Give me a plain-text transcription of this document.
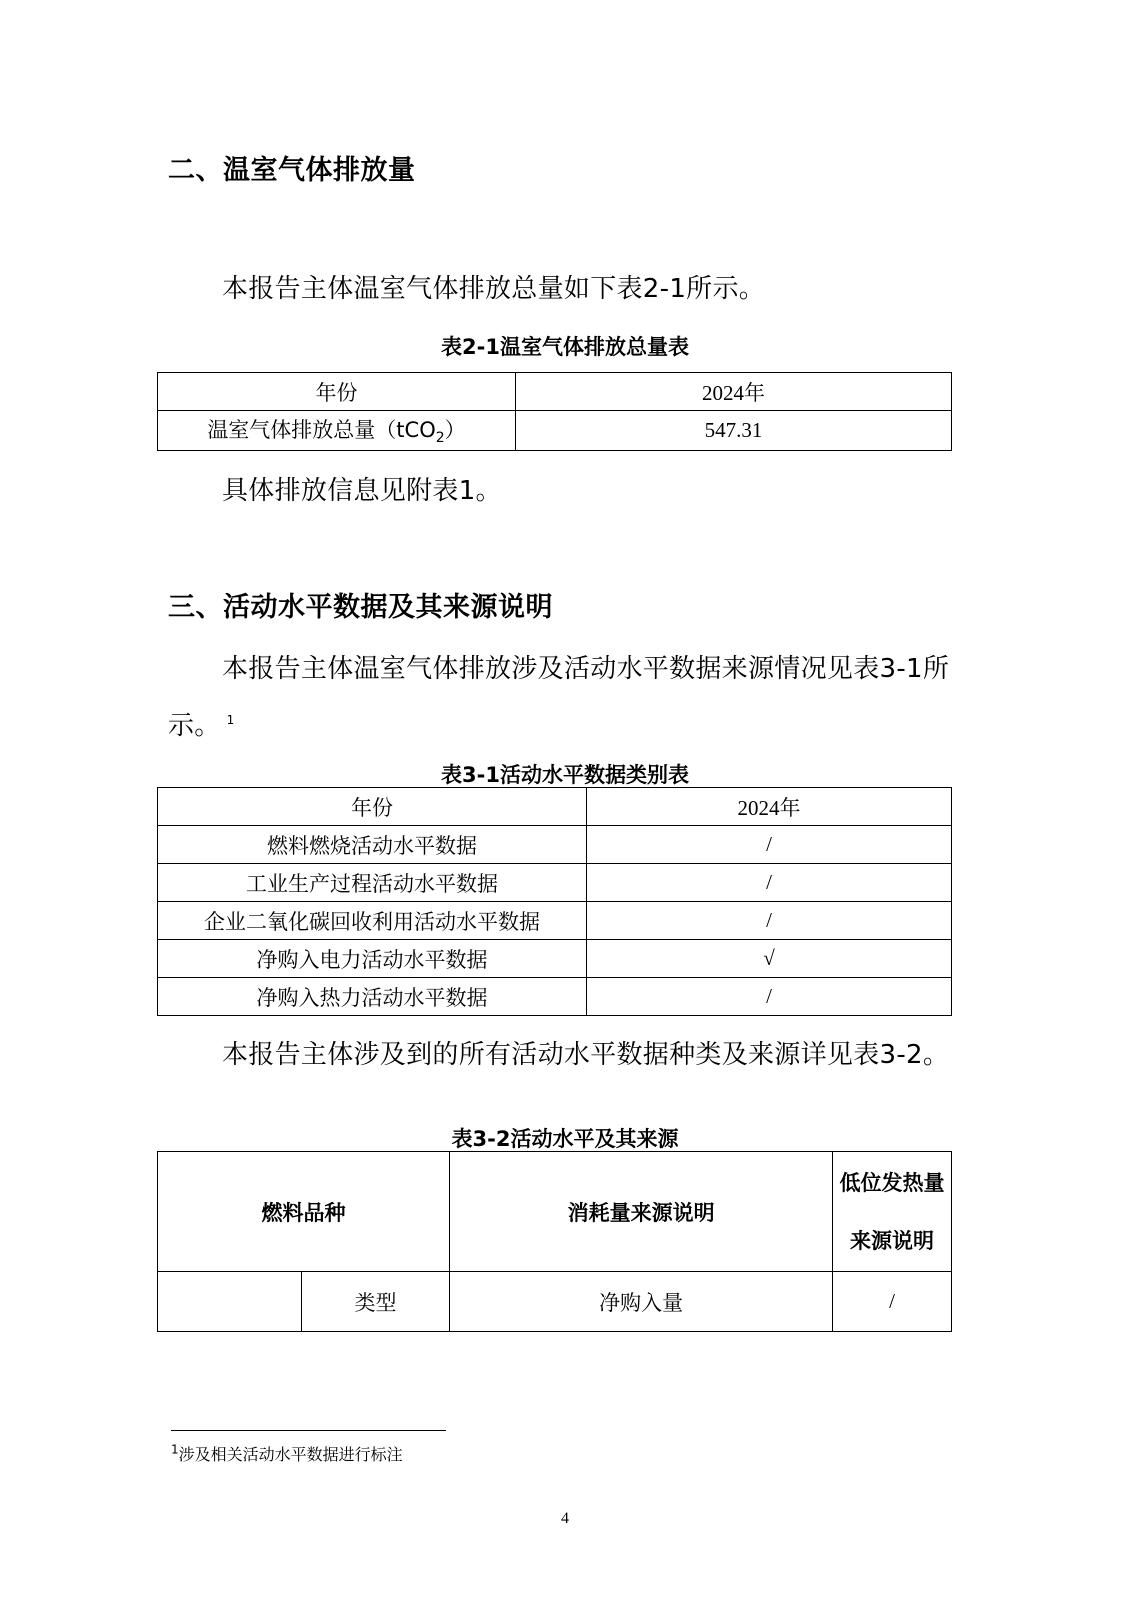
二、温室气体排放量
本报告主体温室气体排放总量如下表2-1所示。
表2-1温室气体排放总量表
年份	2024年
温室气体排放总量（tCO$_2$）	547.31
具体排放信息见附表1。
三、活动水平数据及其来源说明
本报告主体温室气体排放涉及活动水平数据来源情况见表3-1所
示。 $^1$
表3-1活动水平数据类别表
年份	2024年
燃料燃烧活动水平数据	/
工业生产过程活动水平数据	/
企业二氧化碳回收利用活动水平数据	/
净购入电力活动水平数据	√
净购入热力活动水平数据	/
本报告主体涉及到的所有活动水平数据种类及来源详见表3-2。
表3-2活动水平及其来源
燃料品种		消耗量来源说明	低位发热量
来源说明

	类型	净购入量	/
$^1$涉及相关活动水平数据进行标注
4
